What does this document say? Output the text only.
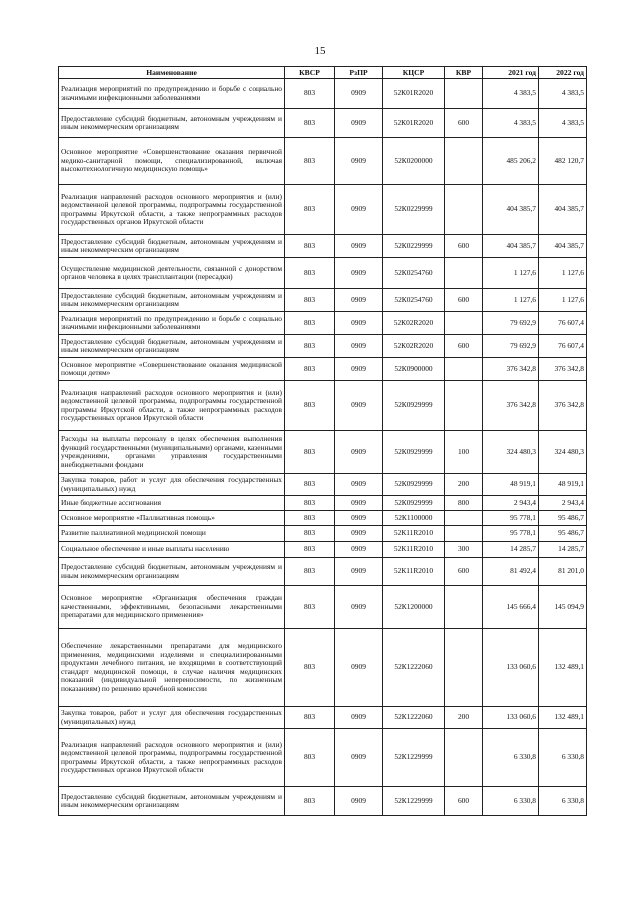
15
Наименование	КВСР	РзПР	КЦСР	КВР	2021 год	2022 год
Реализация мероприятий по предупреждению и борьбе с социально значимыми инфекционными заболеваниями	803	0909	52К01R2020		4 383,5	4 383,5
Предоставление субсидий бюджетным, автономным учреждениям и иным некоммерческим организациям	803	0909	52К01R2020	600	4 383,5	4 383,5
Основное мероприятие «Совершенствование оказания первичной медико-санитарной помощи, специализированной, включая высокотехнологичную медицинскую помощь»	803	0909	52К0200000		485 206,2	482 120,7
Реализация направлений расходов основного мероприятия и (или) ведомственной целевой программы, подпрограммы государственной программы Иркутской области, а также непрограммных расходов государственных органов Иркутской области	803	0909	52К0229999		404 385,7	404 385,7
Предоставление субсидий бюджетным, автономным учреждениям и иным некоммерческим организациям	803	0909	52К0229999	600	404 385,7	404 385,7
Осуществление медицинской деятельности, связанной с донорством органов человека в целях трансплантации (пересадки)	803	0909	52К0254760		1 127,6	1 127,6
Предоставление субсидий бюджетным, автономным учреждениям и иным некоммерческим организациям	803	0909	52К0254760	600	1 127,6	1 127,6
Реализация мероприятий по предупреждению и борьбе с социально значимыми инфекционными заболеваниями	803	0909	52К02R2020		79 692,9	76 607,4
Предоставление субсидий бюджетным, автономным учреждениям и иным некоммерческим организациям	803	0909	52К02R2020	600	79 692,9	76 607,4
Основное мероприятие «Совершенствование оказания медицинской помощи детям»	803	0909	52К0900000		376 342,8	376 342,8
Реализация направлений расходов основного мероприятия и (или) ведомственной целевой программы, подпрограммы государственной программы Иркутской области, а также непрограммных расходов государственных органов Иркутской области	803	0909	52К0929999		376 342,8	376 342,8
Расходы на выплаты персоналу в целях обеспечения выполнения функций государственными (муниципальными) органами, казенными учреждениями, органами управления государственными внебюджетными фондами	803	0909	52К0929999	100	324 480,3	324 480,3
Закупка товаров, работ и услуг для обеспечения государственных (муниципальных) нужд	803	0909	52К0929999	200	48 919,1	48 919,1
Иные бюджетные ассигнования	803	0909	52К0929999	800	2 943,4	2 943,4
Основное мероприятие «Паллиативная помощь»	803	0909	52К1100000		95 778,1	95 486,7
Развитие паллиативной медицинской помощи	803	0909	52К11R2010		95 778,1	95 486,7
Социальное обеспечение и иные выплаты населению	803	0909	52К11R2010	300	14 285,7	14 285,7
Предоставление субсидий бюджетным, автономным учреждениям и иным некоммерческим организациям	803	0909	52К11R2010	600	81 492,4	81 201,0
Основное мероприятие «Организация обеспечения граждан качественными, эффективными, безопасными лекарственными препаратами для медицинского применения»	803	0909	52К1200000		145 666,4	145 094,9
Обеспечение лекарственными препаратами для медицинского применения, медицинскими изделиями и специализированными продуктами лечебного питания, не входящими в соответствующий стандарт медицинской помощи, в случае наличия медицинских показаний (индивидуальной непереносимости, по жизненным показаниям) по решению врачебной комиссии	803	0909	52К1222060		133 060,6	132 489,1
Закупка товаров, работ и услуг для обеспечения государственных (муниципальных) нужд	803	0909	52К1222060	200	133 060,6	132 489,1
Реализация направлений расходов основного мероприятия и (или) ведомственной целевой программы, подпрограммы государственной программы Иркутской области, а также непрограммных расходов государственных органов Иркутской области	803	0909	52К1229999		6 330,8	6 330,8
Предоставление субсидий бюджетным, автономным учреждениям и иным некоммерческим организациям	803	0909	52К1229999	600	6 330,8	6 330,8
